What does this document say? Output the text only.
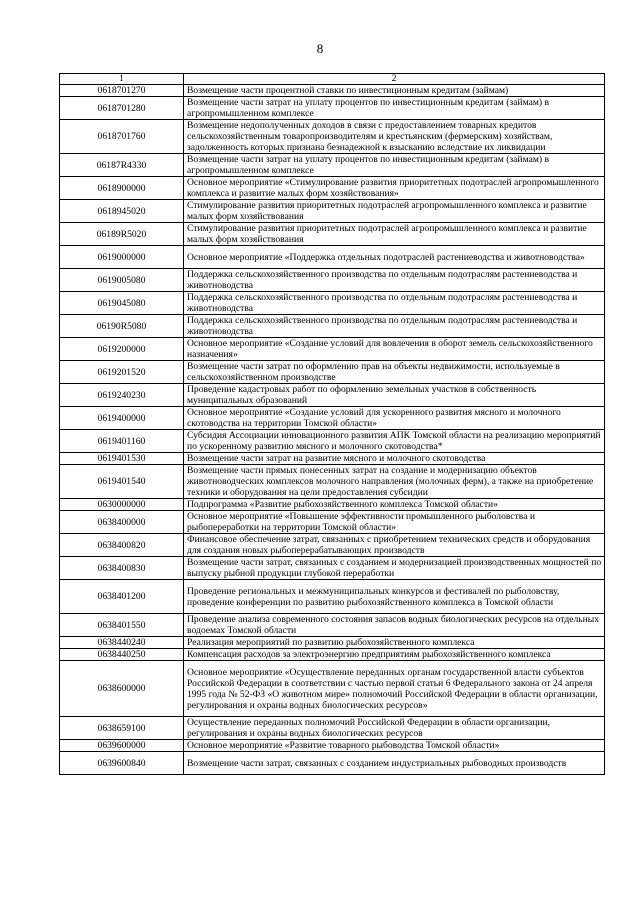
8
1	2
0618701270	Возмещение части процентной ставки по инвестиционным кредитам (займам)
0618701280	Возмещение части затрат на уплату процентов по инвестиционным кредитам (займам) в агропромышленном комплексе
0618701760	Возмещение недополученных доходов в связи с предоставлением товарных кредитов сельскохозяйственным товаропроизводителям и крестьянским (фермерским) хозяйствам, задолженность которых признана безнадежной к взысканию вследствие их ликвидации
06187R4330	Возмещение части затрат на уплату процентов по инвестиционным кредитам (займам) в агропромышленном комплексе
0618900000	Основное мероприятие «Стимулирование развития приоритетных подотраслей агропромышленного комплекса и развитие малых форм хозяйствования»
0618945020	Стимулирование развития приоритетных подотраслей агропромышленного комплекса и развитие малых форм хозяйствования
06189R5020	Стимулирование развития приоритетных подотраслей агропромышленного комплекса и развитие малых форм хозяйствования
0619000000	Основное мероприятие «Поддержка отдельных подотраслей растениеводства и животноводства»
0619005080	Поддержка сельскохозяйственного производства по отдельным подотраслям растениеводства и животноводства
0619045080	Поддержка сельскохозяйственного производства по отдельным подотраслям растениеводства и животноводства
06190R5080	Поддержка сельскохозяйственного производства по отдельным подотраслям растениеводства и животноводства
0619200000	Основное мероприятие «Создание условий для вовлечения в оборот земель сельскохозяйственного назначения»
0619201520	Возмещение части затрат по оформлению прав на объекты недвижимости, используемые в сельскохозяйственном производстве
0619240230	Проведение кадастровых работ по оформлению земельных участков в собственность муниципальных образований
0619400000	Основное мероприятие «Создание условий для ускоренного развития мясного и молочного скотоводства на территории Томской области»
0619401160	Субсидия Ассоциации инновационного развития АПК Томской области на реализацию мероприятий по ускоренному развитию мясного и молочного скотоводства*
0619401530	Возмещение части затрат на развитие мясного и молочного скотоводства
0619401540	Возмещение части прямых понесенных затрат на создание и модернизацию объектов животноводческих комплексов молочного направления (молочных ферм), а также на приобретение техники и оборудования на цели предоставления субсидии
0630000000	Подпрограмма «Развитие рыбохозяйственного комплекса Томской области»
0638400000	Основное мероприятие «Повышение эффективности промышленного рыболовства и рыбопереработки на территории Томской области»
0638400820	Финансовое обеспечение затрат, связанных с приобретением технических средств и оборудования для создания новых рыбоперерабатывающих производств
0638400830	Возмещение части затрат, связанных с созданием и модернизацией производственных мощностей по выпуску рыбной продукции глубокой переработки
0638401200	Проведение региональных и межмуниципальных конкурсов и фестивалей по рыболовству, проведение конференции по развитию рыбохозяйственного комплекса в Томской области
0638401550	Проведение анализа современного состояния запасов водных биологических ресурсов на отдельных водоемах Томской области
0638440240	Реализация мероприятий по развитию рыбохозяйственного комплекса
0638440250	Компенсация расходов за электроэнергию предприятиям рыбохозяйственного комплекса
0638600000	Основное мероприятие «Осуществление переданных органам государственной власти субъектов Российской Федерации в соответствии с частью первой статьи 6 Федерального закона от 24 апреля 1995 года № 52-ФЗ «О животном мире» полномочий Российской Федерации в области организации, регулирования и охраны водных биологических ресурсов»
0638659100	Осуществление переданных полномочий Российской Федерации в области организации, регулирования и охраны водных биологических ресурсов
0639600000	Основное мероприятие «Развитие товарного рыбоводства Томской области»
0639600840	Возмещение части затрат, связанных с созданием индустриальных рыбоводных производств
